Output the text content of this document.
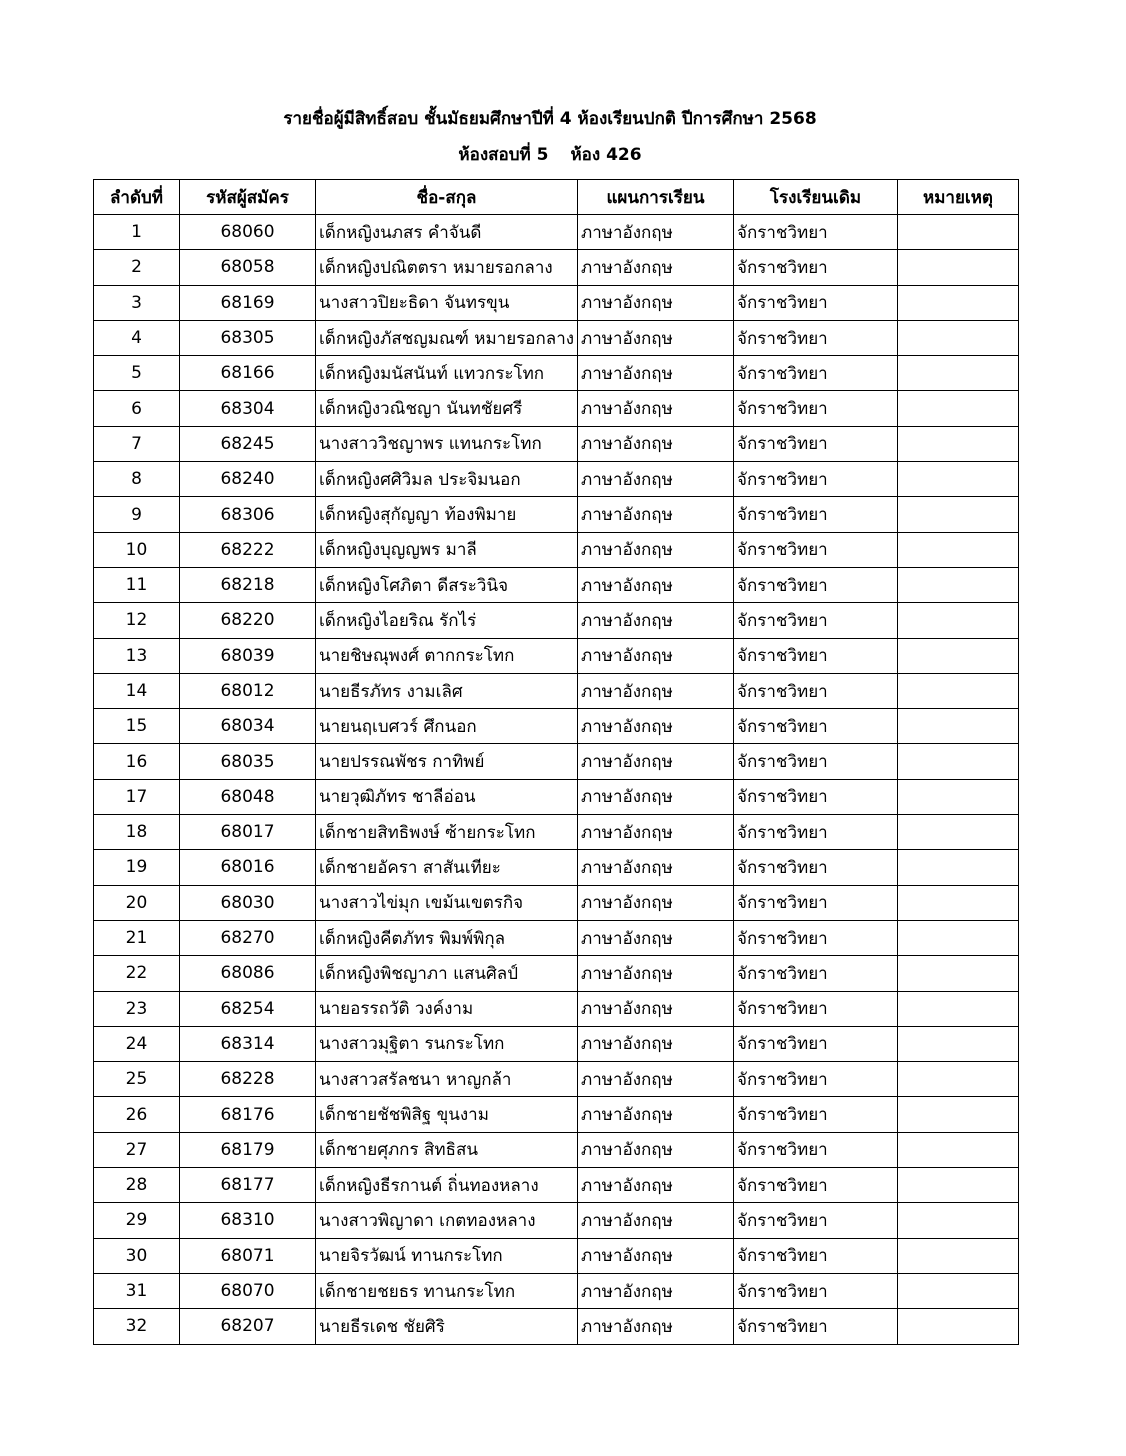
รายชื่อผู้มีสิทธิ์สอบ ชั้นมัธยมศึกษาปีที่ 4 ห้องเรียนปกติ ปีการศึกษา 2568
ห้องสอบที่ 5 ห้อง 426
ลำดับที่	รหัสผู้สมัคร	ชื่อ-สกุล	แผนการเรียน	โรงเรียนเดิม	หมายเหตุ
1	68060	เด็กหญิงนภสร คำจันดี	ภาษาอังกฤษ	จักราชวิทยา	
2	68058	เด็กหญิงปณิตตรา หมายรอกลาง	ภาษาอังกฤษ	จักราชวิทยา	
3	68169	นางสาวปิยะธิดา จันทรขุน	ภาษาอังกฤษ	จักราชวิทยา	
4	68305	เด็กหญิงภัสชญมณฑ์ หมายรอกลาง	ภาษาอังกฤษ	จักราชวิทยา	
5	68166	เด็กหญิงมนัสนันท์ แทวกระโทก	ภาษาอังกฤษ	จักราชวิทยา	
6	68304	เด็กหญิงวณิชญา นันทชัยศรี	ภาษาอังกฤษ	จักราชวิทยา	
7	68245	นางสาววิชญาพร แทนกระโทก	ภาษาอังกฤษ	จักราชวิทยา	
8	68240	เด็กหญิงศศิวิมล ประจิมนอก	ภาษาอังกฤษ	จักราชวิทยา	
9	68306	เด็กหญิงสุกัญญา ท้องพิมาย	ภาษาอังกฤษ	จักราชวิทยา	
10	68222	เด็กหญิงบุญญพร มาลี	ภาษาอังกฤษ	จักราชวิทยา	
11	68218	เด็กหญิงโศภิตา ดีสระวินิจ	ภาษาอังกฤษ	จักราชวิทยา	
12	68220	เด็กหญิงไอยริณ รักไร่	ภาษาอังกฤษ	จักราชวิทยา	
13	68039	นายชิษณุพงศ์ ตากกระโทก	ภาษาอังกฤษ	จักราชวิทยา	
14	68012	นายธีรภัทร งามเลิศ	ภาษาอังกฤษ	จักราชวิทยา	
15	68034	นายนฤเบศวร์ ศึกนอก	ภาษาอังกฤษ	จักราชวิทยา	
16	68035	นายปรรณพัชร กาทิพย์	ภาษาอังกฤษ	จักราชวิทยา	
17	68048	นายวุฒิภัทร ชาลีอ่อน	ภาษาอังกฤษ	จักราชวิทยา	
18	68017	เด็กชายสิทธิพงษ์ ซ้ายกระโทก	ภาษาอังกฤษ	จักราชวิทยา	
19	68016	เด็กชายอัครา สาสันเทียะ	ภาษาอังกฤษ	จักราชวิทยา	
20	68030	นางสาวไข่มุก เขม้นเขตรกิจ	ภาษาอังกฤษ	จักราชวิทยา	
21	68270	เด็กหญิงคีตภัทร พิมพ์พิกุล	ภาษาอังกฤษ	จักราชวิทยา	
22	68086	เด็กหญิงพิชญาภา แสนศิลป์	ภาษาอังกฤษ	จักราชวิทยา	
23	68254	นายอรรถวัติ วงค์งาม	ภาษาอังกฤษ	จักราชวิทยา	
24	68314	นางสาวมุฐิตา รนกระโทก	ภาษาอังกฤษ	จักราชวิทยา	
25	68228	นางสาวสรัลชนา หาญกล้า	ภาษาอังกฤษ	จักราชวิทยา	
26	68176	เด็กชายชัชพิสิฐ ขุนงาม	ภาษาอังกฤษ	จักราชวิทยา	
27	68179	เด็กชายศุภกร สิทธิสน	ภาษาอังกฤษ	จักราชวิทยา	
28	68177	เด็กหญิงธีรกานต์ ถิ่นทองหลาง	ภาษาอังกฤษ	จักราชวิทยา	
29	68310	นางสาวพิญาดา เกตทองหลาง	ภาษาอังกฤษ	จักราชวิทยา	
30	68071	นายจิรวัฒน์ ทานกระโทก	ภาษาอังกฤษ	จักราชวิทยา	
31	68070	เด็กชายชยธร ทานกระโทก	ภาษาอังกฤษ	จักราชวิทยา	
32	68207	นายธีรเดช ชัยศิริ	ภาษาอังกฤษ	จักราชวิทยา	
